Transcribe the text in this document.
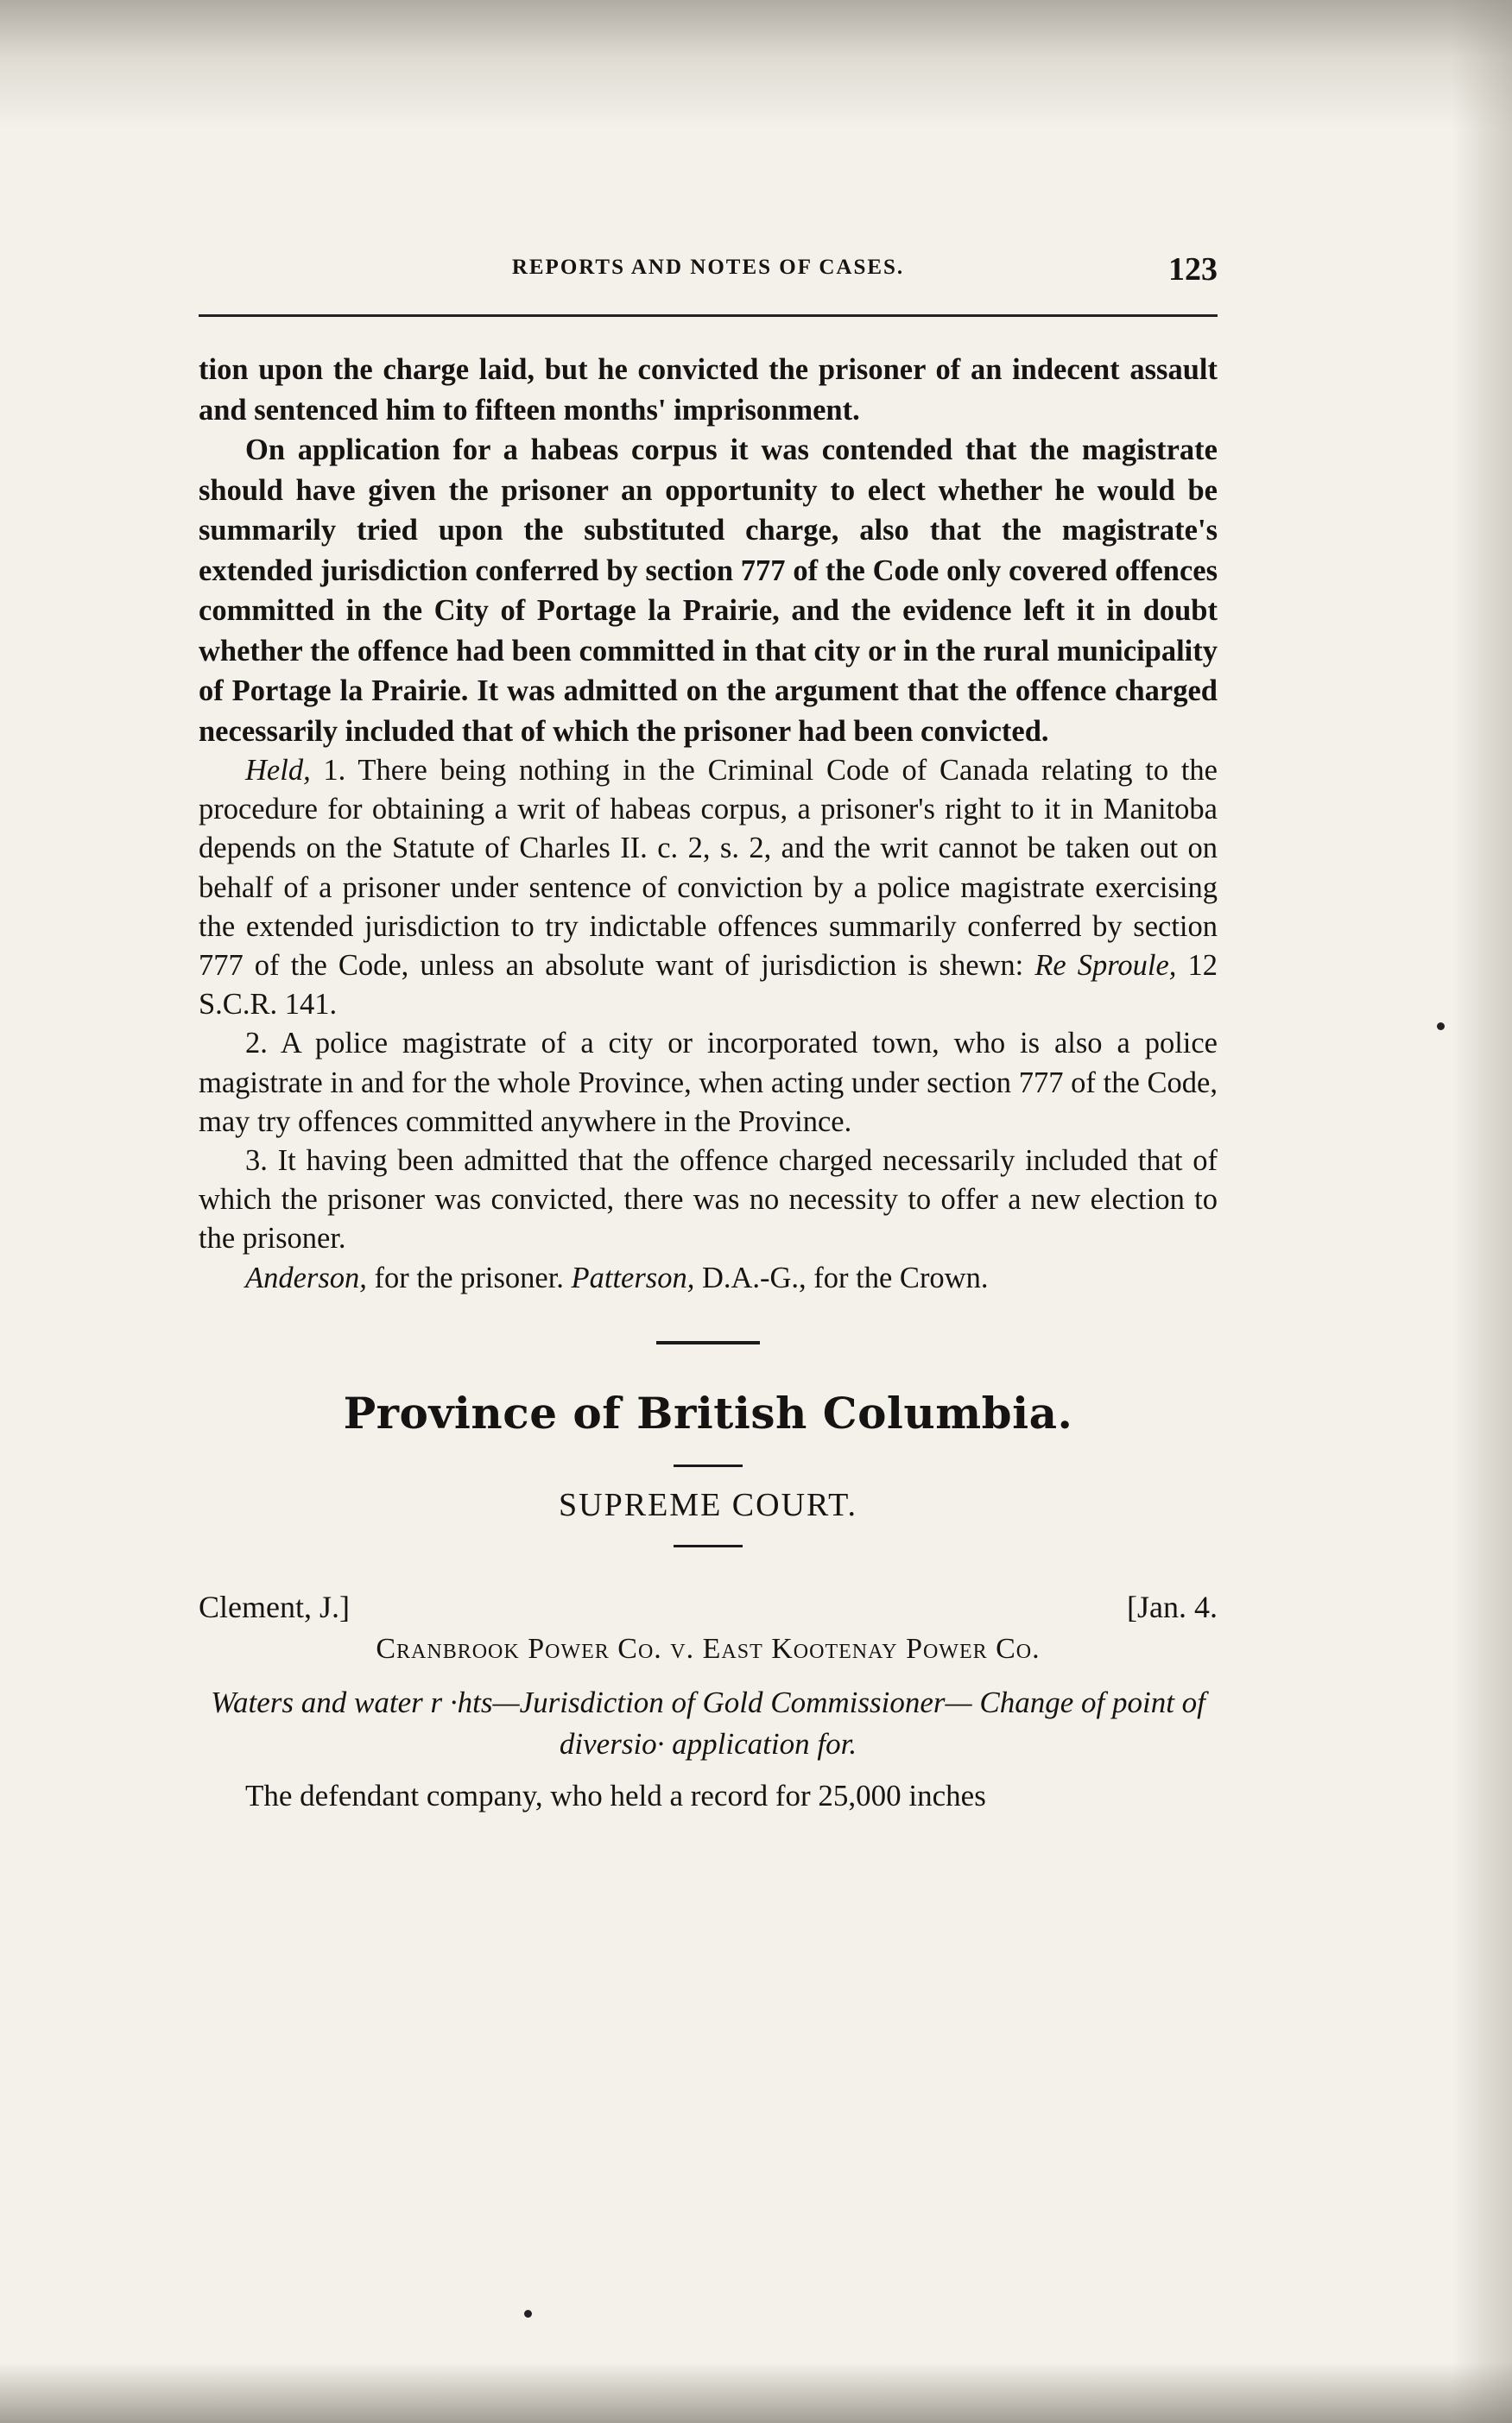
REPORTS AND NOTES OF CASES.	123

tion upon the charge laid, but he convicted the prisoner of an indecent assault and sentenced him to fifteen months' imprisonment.

On application for a habeas corpus it was contended that the magistrate should have given the prisoner an opportunity to elect whether he would be summarily tried upon the substituted charge, also that the magistrate's extended jurisdiction conferred by section 777 of the Code only covered offences committed in the City of Portage la Prairie, and the evidence left it in doubt whether the offence had been committed in that city or in the rural municipality of Portage la Prairie. It was admitted on the argument that the offence charged necessarily included that of which the prisoner had been convicted.

Held, 1. There being nothing in the Criminal Code of Canada relating to the procedure for obtaining a writ of habeas corpus, a prisoner's right to it in Manitoba depends on the Statute of Charles II. c. 2, s. 2, and the writ cannot be taken out on behalf of a prisoner under sentence of conviction by a police magistrate exercising the extended jurisdiction to try indictable offences summarily conferred by section 777 of the Code, unless an absolute want of jurisdiction is shewn: Re Sproule, 12 S.C.R. 141.

2. A police magistrate of a city or incorporated town, who is also a police magistrate in and for the whole Province, when acting under section 777 of the Code, may try offences committed anywhere in the Province.

3. It having been admitted that the offence charged necessarily included that of which the prisoner was convicted, there was no necessity to offer a new election to the prisoner.

Anderson, for the prisoner. Patterson, D.A.-G., for the Crown.

Province of British Columbia.
SUPREME COURT.
Clement, J.]	[Jan. 4.
Cranbrook Power Co. v. East Kootenay Power Co.
Waters and water r ·hts—Jurisdiction of Gold Commissioner— Change of point of diversio· application for.

The defendant company, who held a record for 25,000 inches
